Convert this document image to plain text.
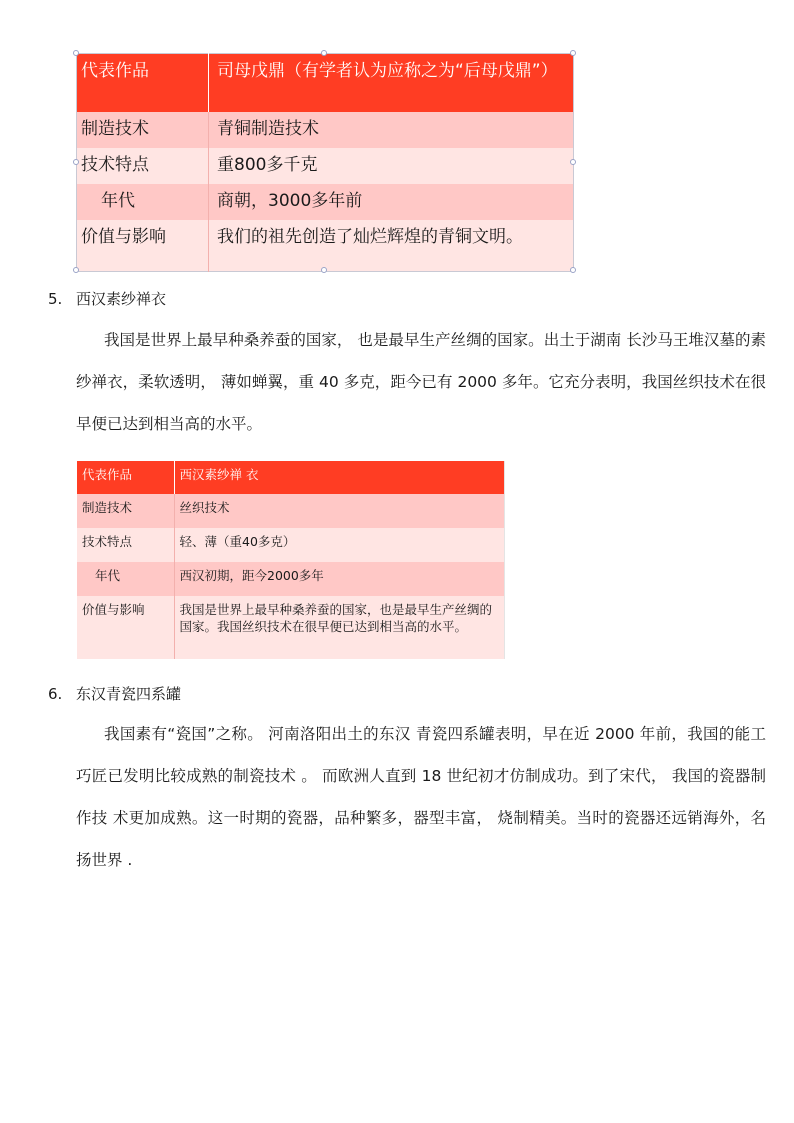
代表作品	司母戊鼎（有学者认为应称之为“后母戊鼎”）
制造技术	青铜制造技术
技术特点	重800多千克
年代	商朝，3000多年前
价值与影响	我们的祖先创造了灿烂辉煌的青铜文明。
5. 西汉素纱禅衣
我国是世界上最早种桑养蚕的国家， 也是最早生产丝绸的国家。出土于湖南 长沙马王堆汉墓的素纱禅衣，柔软透明， 薄如蝉翼，重 40 多克，距今已有 2000 多年。它充分表明，我国丝织技术在很 早便已达到相当高的水平。
代表作品	西汉素纱禅 衣
制造技术	丝织技术
技术特点	轻、薄（重40多克）
年代	西汉初期，距今2000多年
价值与影响	我国是世界上最早种桑养蚕的国家，也是最早生产丝绸的国家。我国丝织技术在很早便已达到相当高的水平。
6. 东汉青瓷四系罐
我国素有“瓷国”之称。 河南洛阳出土的东汉 青瓷四系罐表明，早在近 2000 年前，我国的能工 巧匠已发明比较成熟的制瓷技术 。 而欧洲人直到 18 世纪初才仿制成功。到了宋代， 我国的瓷器制作技 术更加成熟。这一时期的瓷器，品种繁多，器型丰富， 烧制精美。当时的瓷器还远销海外，名扬世界 .
